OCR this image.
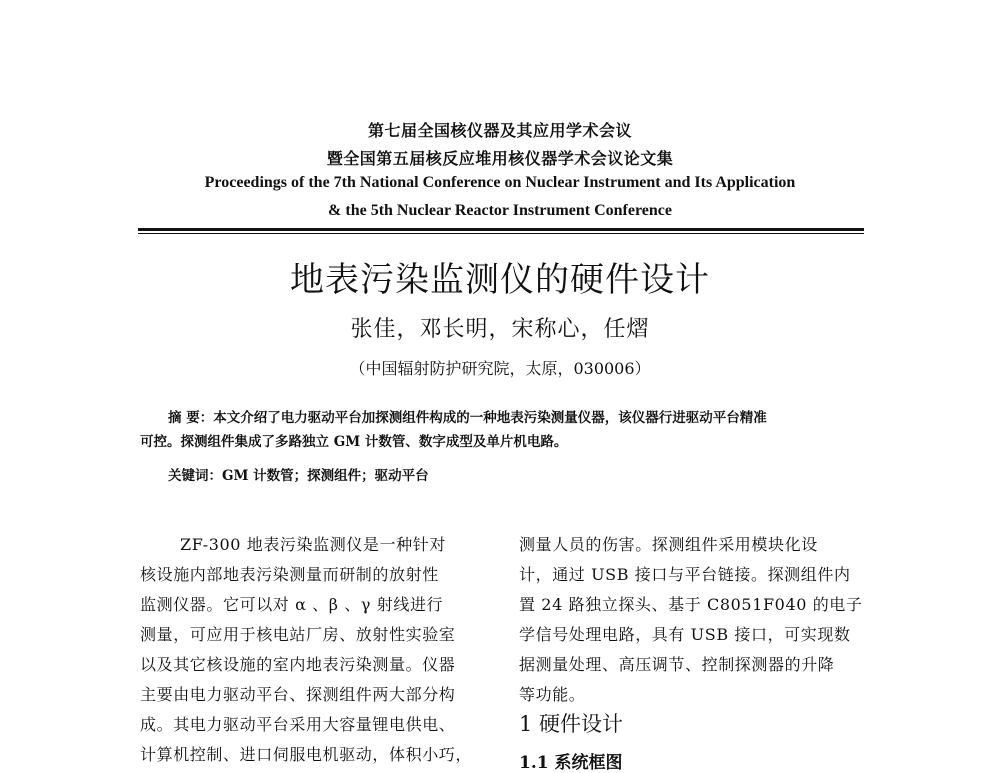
第七届全国核仪器及其应用学术会议
暨全国第五届核反应堆用核仪器学术会议论文集
Proceedings of the 7th National Conference on Nuclear Instrument and Its Application
& the 5th Nuclear Reactor Instrument Conference
地表污染监测仪的硬件设计
张佳，邓长明，宋称心，任熠
（中国辐射防护研究院，太原，030006）
摘 要：本文介绍了电力驱动平台加探测组件构成的一种地表污染测量仪器，该仪器行进驱动平台精准
可控。探测组件集成了多路独立 GM 计数管、数字成型及单片机电路。
关键词：GM 计数管；探测组件；驱动平台

ZF-300 地表污染监测仪是一种针对

核设施内部地表污染测量而研制的放射性

监测仪器。它可以对 α 、β 、γ 射线进行

测量，可应用于核电站厂房、放射性实验室

以及其它核设施的室内地表污染测量。仪器

主要由电力驱动平台、探测组件两大部分构

成。其电力驱动平台采用大容量锂电供电、

计算机控制、进口伺服电机驱动，体积小巧，

测量人员的伤害。探测组件采用模块化设

计，通过 USB 接口与平台链接。探测组件内

置 24 路独立探头、基于 C8051F040 的电子

学信号处理电路，具有 USB 接口，可实现数

据测量处理、高压调节、控制探测器的升降

等功能。

1 硬件设计
1.1 系统框图
